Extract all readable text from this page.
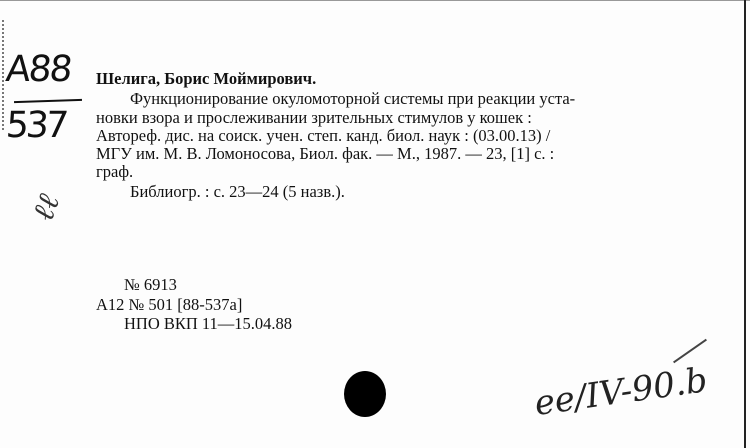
A88
537
ℓℓ
Шелига, Борис Моймирович.
Функционирование окуломоторной системы при реакции уста-
новки взора и прослеживании зрительных стимулов у кошек :
Автореф. дис. на соиск. учен. степ. канд. биол. наук : (03.00.13) /
МГУ им. М. В. Ломоносова, Биол. фак. — М., 1987. — 23, [1] с. :
граф.
Библиогр. : с. 23—24 (5 назв.).
№ 6913
А12 № 501 [88-537а]
НПО ВКП 11—15.04.88
ee/IV-90.b
